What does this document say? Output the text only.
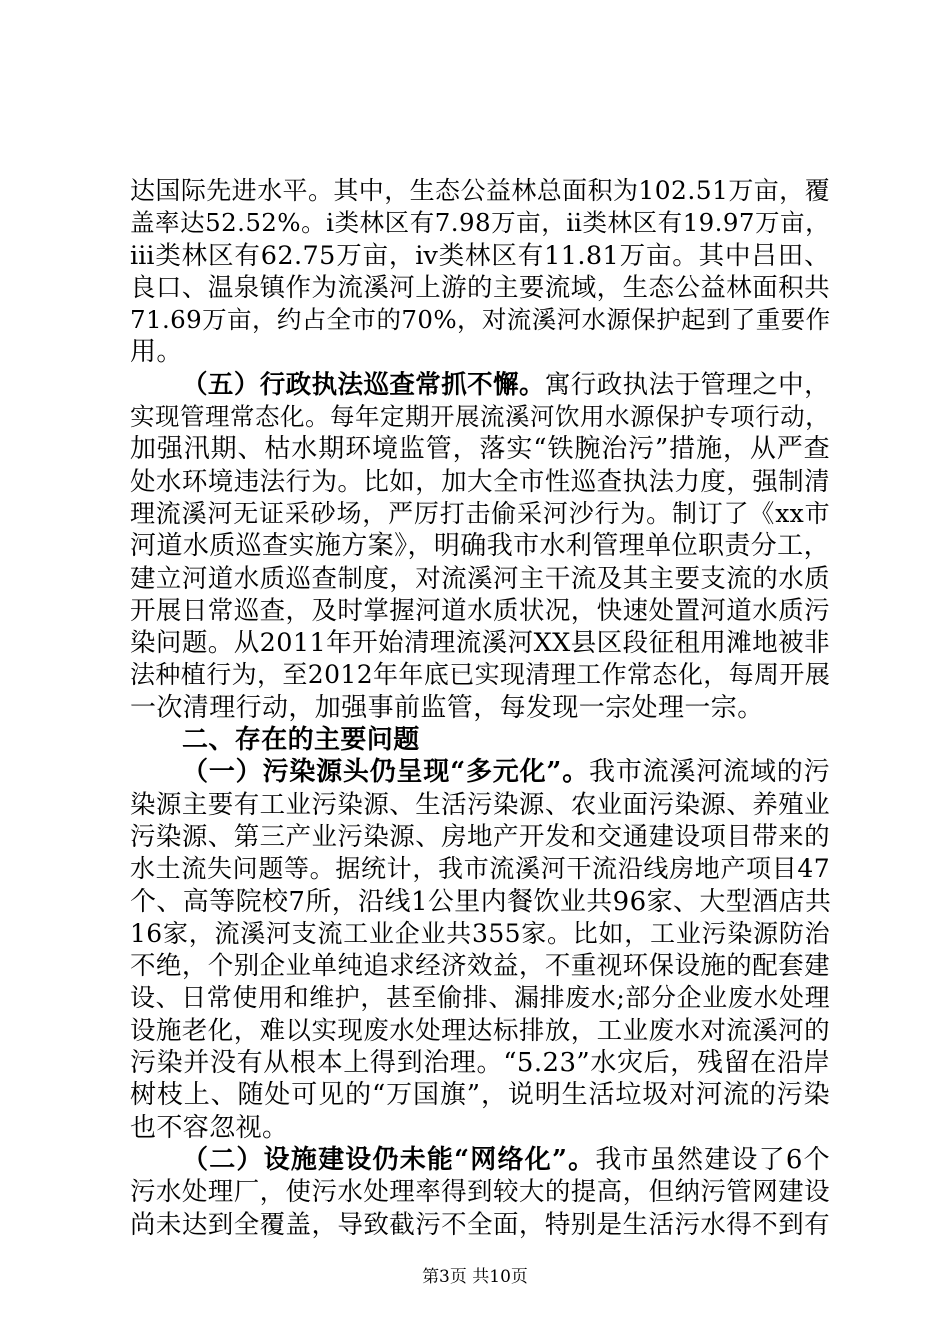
达国际先进水平。其中，生态公益林总面积为102.51万亩，覆
盖率达52.52%。ⅰ类林区有7.98万亩，ⅱ类林区有19.97万亩，
ⅲ类林区有62.75万亩，ⅳ类林区有11.81万亩。其中吕田、
良口、温泉镇作为流溪河上游的主要流域，生态公益林面积共
71.69万亩，约占全市的70%，对流溪河水源保护起到了重要作
用。
（五）行政执法巡查常抓不懈。寓行政执法于管理之中，
实现管理常态化。每年定期开展流溪河饮用水源保护专项行动，
加强汛期、枯水期环境监管，落实“铁腕治污”措施，从严查
处水环境违法行为。比如，加大全市性巡查执法力度，强制清
理流溪河无证采砂场，严厉打击偷采河沙行为。制订了《xx市
河道水质巡查实施方案》，明确我市水利管理单位职责分工，
建立河道水质巡查制度，对流溪河主干流及其主要支流的水质
开展日常巡查，及时掌握河道水质状况，快速处置河道水质污
染问题。从2011年开始清理流溪河XX县区段征租用滩地被非
法种植行为，至2012年年底已实现清理工作常态化，每周开展
一次清理行动，加强事前监管，每发现一宗处理一宗。
二、存在的主要问题
（一）污染源头仍呈现“多元化”。我市流溪河流域的污
染源主要有工业污染源、生活污染源、农业面污染源、养殖业
污染源、第三产业污染源、房地产开发和交通建设项目带来的
水土流失问题等。据统计，我市流溪河干流沿线房地产项目47
个、高等院校7所，沿线1公里内餐饮业共96家、大型酒店共
16家，流溪河支流工业企业共355家。比如，工业污染源防治
不绝，个别企业单纯追求经济效益，不重视环保设施的配套建
设、日常使用和维护，甚至偷排、漏排废水;部分企业废水处理
设施老化，难以实现废水处理达标排放，工业废水对流溪河的
污染并没有从根本上得到治理。“5.23”水灾后，残留在沿岸
树枝上、随处可见的“万国旗”，说明生活垃圾对河流的污染
也不容忽视。
（二）设施建设仍未能“网络化”。我市虽然建设了6个
污水处理厂，使污水处理率得到较大的提高，但纳污管网建设
尚未达到全覆盖，导致截污不全面，特别是生活污水得不到有
第3页 共10页
